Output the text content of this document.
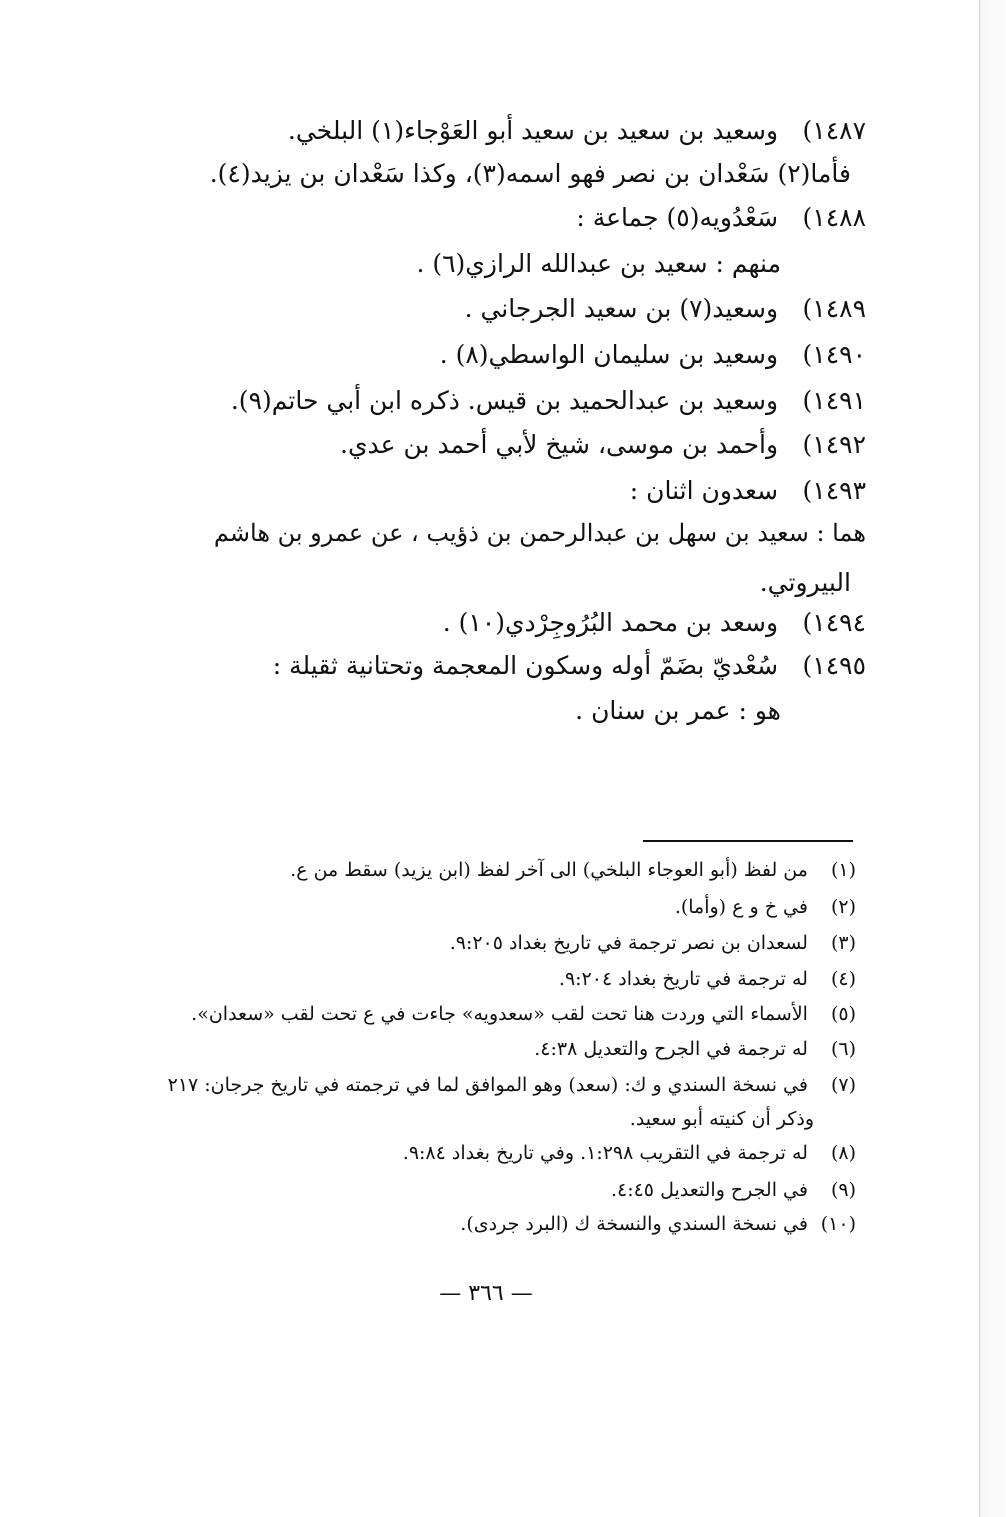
١٤٨٧) وسعيد بن سعيد بن سعيد أبو العَوْجاء(١) البلخي.
فأما(٢) سَعْدان بن نصر فهو اسمه(٣)، وكذا سَعْدان بن يزيد(٤).
١٤٨٨) سَعْدُويه(٥) جماعة :
منهم : سعيد بن عبدالله الرازي(٦) .
١٤٨٩) وسعيد(٧) بن سعيد الجرجاني .
١٤٩٠) وسعيد بن سليمان الواسطي(٨) .
١٤٩١) وسعيد بن عبدالحميد بن قيس. ذكره ابن أبي حاتم(٩).
١٤٩٢) وأحمد بن موسى، شيخ لأبي أحمد بن عدي.
١٤٩٣) سعدون اثنان :
هما : سعيد بن سهل بن عبدالرحمن بن ذؤيب ، عن عمرو بن هاشم
البيروتي.
١٤٩٤) وسعد بن محمد البُرُوجِرْدي(١٠) .
١٤٩٥) سُعْديّ بضَمّ أوله وسكون المعجمة وتحتانية ثقيلة :
هو : عمر بن سنان .
(١) من لفظ (أبو العوجاء البلخي) الى آخر لفظ (ابن يزيد) سقط من ع.
(٢) في خ و ع (وأما).
(٣) لسعدان بن نصر ترجمة في تاريخ بغداد ٩:٢٠٥.
(٤) له ترجمة في تاريخ بغداد ٩:٢٠٤.
(٥) الأسماء التي وردت هنا تحت لقب «سعدويه» جاءت في ع تحت لقب «سعدان».
(٦) له ترجمة في الجرح والتعديل ٤:٣٨.
(٧) في نسخة السندي و ك: (سعد) وهو الموافق لما في ترجمته في تاريخ جرجان: ٢١٧
وذكر أن كنيته أبو سعيد.
(٨) له ترجمة في التقريب ١:٢٩٨. وفي تاريخ بغداد ٩:٨٤.
(٩) في الجرح والتعديل ٤:٤٥.
(١٠) في نسخة السندي والنسخة ك (البرد جردى).
— ٣٦٦ —
